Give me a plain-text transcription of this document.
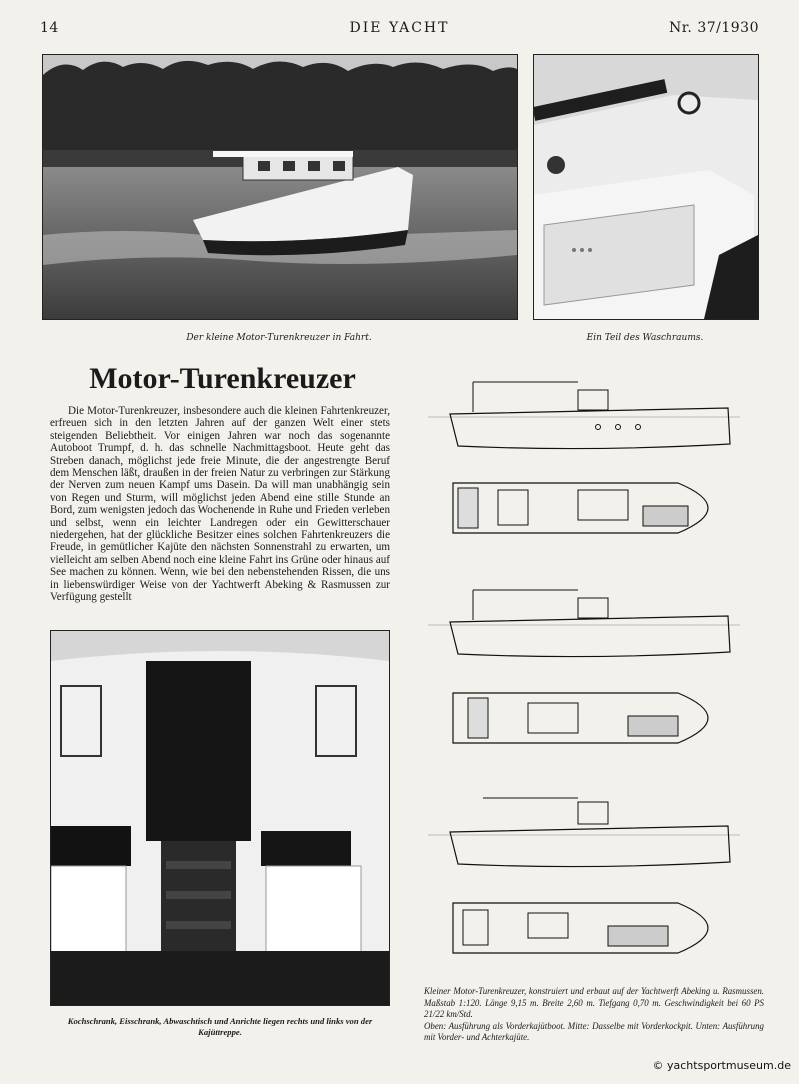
14	DIE YACHT	Nr. 37/1930
Der kleine Motor-Turenkreuzer in Fahrt.	Ein Teil des Waschraums.
Motor-Turenkreuzer

Die Motor-Turenkreuzer, insbesondere auch die kleinen Fahrtenkreuzer, erfreuen sich in den letzten Jahren auf der ganzen Welt einer stets steigenden Beliebtheit. Vor einigen Jahren war noch das sogenannte Autoboot Trumpf, d. h. das schnelle Nachmittagsboot. Heute geht das Streben danach, möglichst jede freie Minute, die der angestrengte Beruf dem Menschen läßt, draußen in der freien Natur zu verbringen zur Stärkung der Nerven zum neuen Kampf ums Dasein. Da will man unabhängig sein von Regen und Sturm, will möglichst jeden Abend eine stille Stunde an Bord, zum wenigsten jedoch das Wochenende in Ruhe und Frieden verleben und selbst, wenn ein leichter Landregen oder ein Gewitterschauer niedergehen, hat der glückliche Besitzer eines solchen Fahrtenkreuzers die Freude, in gemütlicher Kajüte den nächsten Sonnenstrahl zu erwarten, um vielleicht am selben Abend noch eine kleine Fahrt ins Grüne oder hinaus auf See machen zu können. Wenn, wie bei den nebenstehenden Rissen, die uns in liebenswürdiger Weise von der Yachtwerft Abeking & Rasmussen zur Verfügung gestellt

Kochschrank, Eisschrank, Abwaschtisch und Anrichte liegen rechts und links von der Kajüttreppe.
Kleiner Motor-Turenkreuzer, konstruiert und erbaut auf der Yachtwerft Abeking u. Rasmussen. Maßstab 1:120. Länge 9,15 m. Breite 2,60 m. Tiefgang 0,70 m. Geschwindigkeit bei 60 PS 21/22 km/Std.
Oben: Ausführung als Vorderkajütboot. Mitte: Dasselbe mit Vorderkockpit. Unten: Ausführung mit Vorder- und Achterkajüte.
© yachtsportmuseum.de
